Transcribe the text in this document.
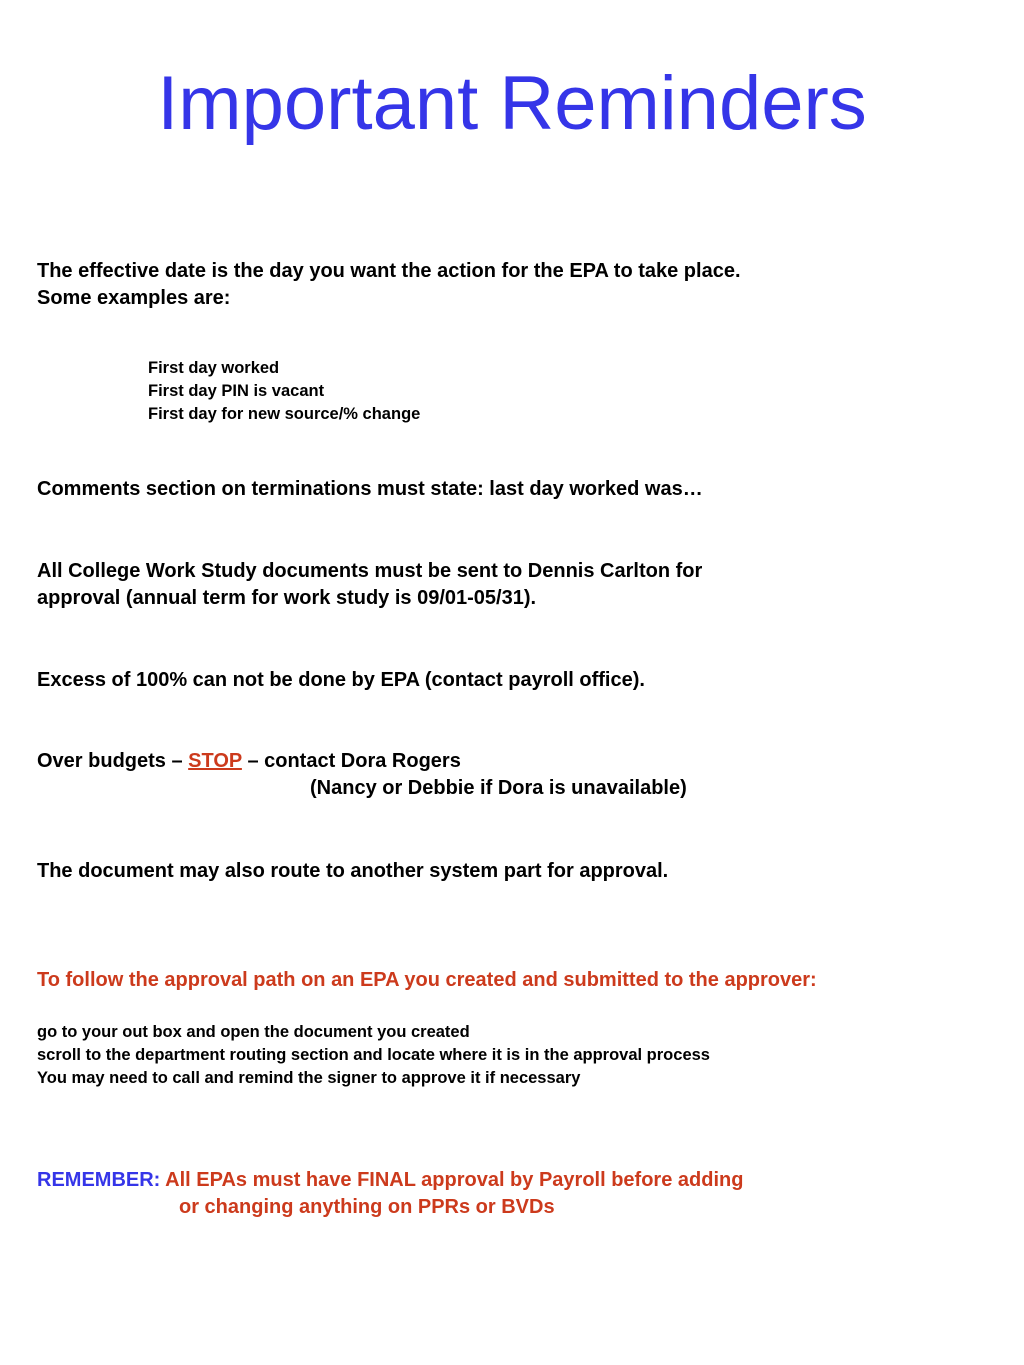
Important Reminders

The effective date is the day you want the action for the EPA to take place.

Some examples are:

First day worked

First day PIN is vacant

First day for new source/% change

Comments section on terminations must state: last day worked was…

All College Work Study documents must be sent to Dennis Carlton for

approval (annual term for work study is 09/01-05/31).

Excess of 100% can not be done by EPA (contact payroll office).

Over budgets – STOP – contact Dora Rogers

(Nancy or Debbie if Dora is unavailable)

The document may also route to another system part for approval.

To follow the approval path on an EPA you created and submitted to the approver:

go to your out box and open the document you created

scroll to the department routing section and locate where it is in the approval process

You may need to call and remind the signer to approve it if necessary

REMEMBER: All EPAs must have FINAL approval by Payroll before adding

or changing anything on PPRs or BVDs
